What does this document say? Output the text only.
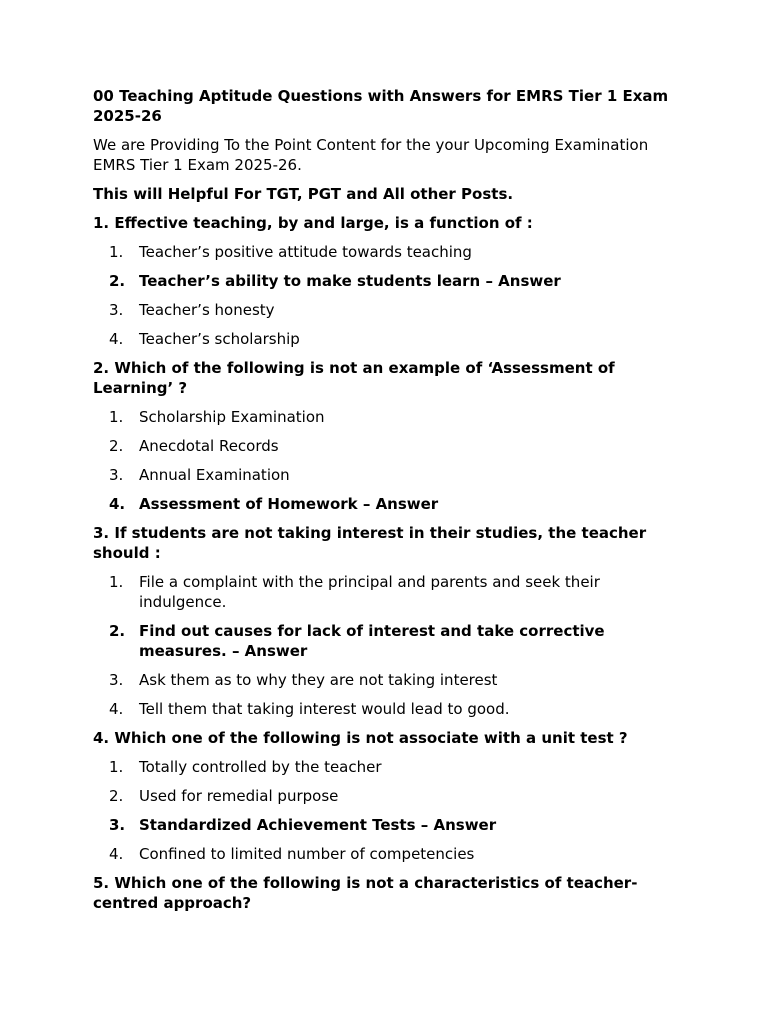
00 Teaching Aptitude Questions with Answers for EMRS Tier 1 Exam 2025-26

We are Providing To the Point Content for the your Upcoming Examination EMRS Tier 1 Exam 2025-26.

This will Helpful For TGT, PGT and All other Posts.

1. Effective teaching, by and large, is a function of :

1.	Teacher’s positive attitude towards teaching
2. Teacher’s ability to make students learn – Answer
3.	Teacher’s honesty
4.	Teacher’s scholarship

2. Which of the following is not an example of ‘Assessment of Learning’ ?

1.	Scholarship Examination
2.	Anecdotal Records
3.	Annual Examination
4. Assessment of Homework – Answer

3. If students are not taking interest in their studies, the teacher should :

1.	File a complaint with the principal and parents and seek their indulgence.
2. Find out causes for lack of interest and take corrective measures. – Answer
3.	Ask them as to why they are not taking interest
4.	Tell them that taking interest would lead to good.

4. Which one of the following is not associate with a unit test ?

1.	Totally controlled by the teacher
2.	Used for remedial purpose
3. Standardized Achievement Tests – Answer
4.	Confined to limited number of competencies

5. Which one of the following is not a characteristics of teacher-centred approach?
